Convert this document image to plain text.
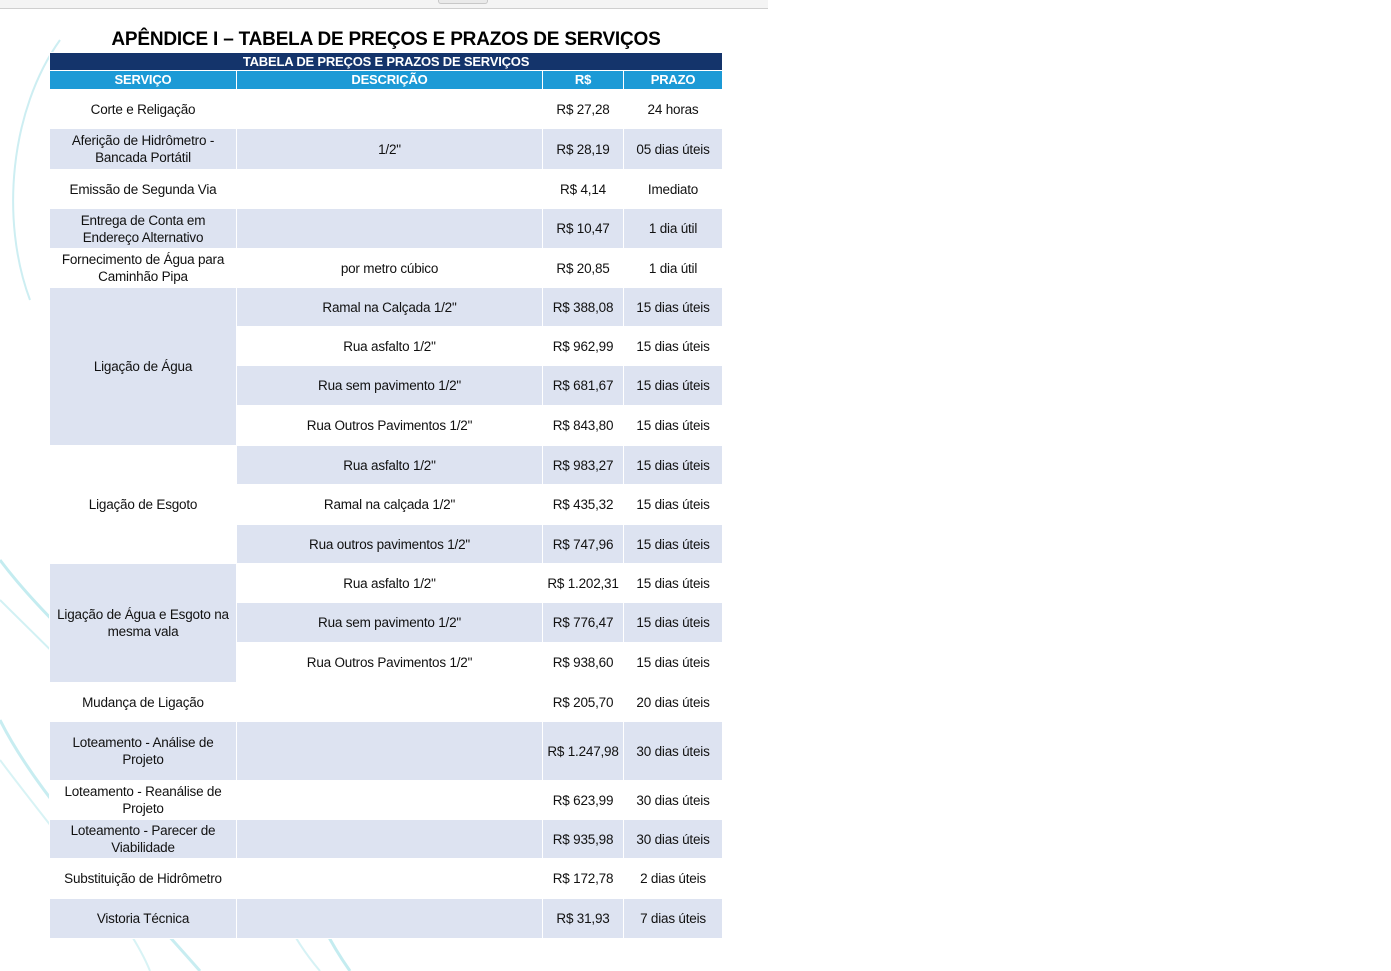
APÊNDICE I – TABELA DE PREÇOS E PRAZOS DE SERVIÇOS
TABELA DE PREÇOS E PRAZOS DE SERVIÇOS			
SERVIÇO	DESCRIÇÃO	R$	PRAZO
Corte e Religação		R$ 27,28	24 horas
Aferição de Hidrômetro - Bancada Portátil	1/2"	R$ 28,19	05 dias úteis
Emissão de Segunda Via		R$ 4,14	Imediato
Entrega de Conta em Endereço Alternativo		R$ 10,47	1 dia útil
Fornecimento de Água para Caminhão Pipa	por metro cúbico	R$ 20,85	1 dia útil
Ligação de Água	Ramal na Calçada 1/2"	R$ 388,08	15 dias úteis
	Rua asfalto 1/2"	R$ 962,99	15 dias úteis
	Rua sem pavimento 1/2"	R$ 681,67	15 dias úteis
	Rua Outros Pavimentos 1/2"	R$ 843,80	15 dias úteis
Ligação de Esgoto	Rua asfalto 1/2"	R$ 983,27	15 dias úteis
	Ramal na calçada 1/2"	R$ 435,32	15 dias úteis
	Rua outros pavimentos 1/2"	R$ 747,96	15 dias úteis
Ligação de Água e Esgoto na mesma vala	Rua asfalto 1/2"	R$ 1.202,31	15 dias úteis
	Rua sem pavimento 1/2"	R$ 776,47	15 dias úteis
	Rua Outros Pavimentos 1/2"	R$ 938,60	15 dias úteis
Mudança de Ligação		R$ 205,70	20 dias úteis
Loteamento - Análise de Projeto		R$ 1.247,98	30 dias úteis
Loteamento - Reanálise de Projeto		R$ 623,99	30 dias úteis
Loteamento - Parecer de Viabilidade		R$ 935,98	30 dias úteis
Substituição de Hidrômetro		R$ 172,78	2 dias úteis
Vistoria Técnica		R$ 31,93	7 dias úteis
